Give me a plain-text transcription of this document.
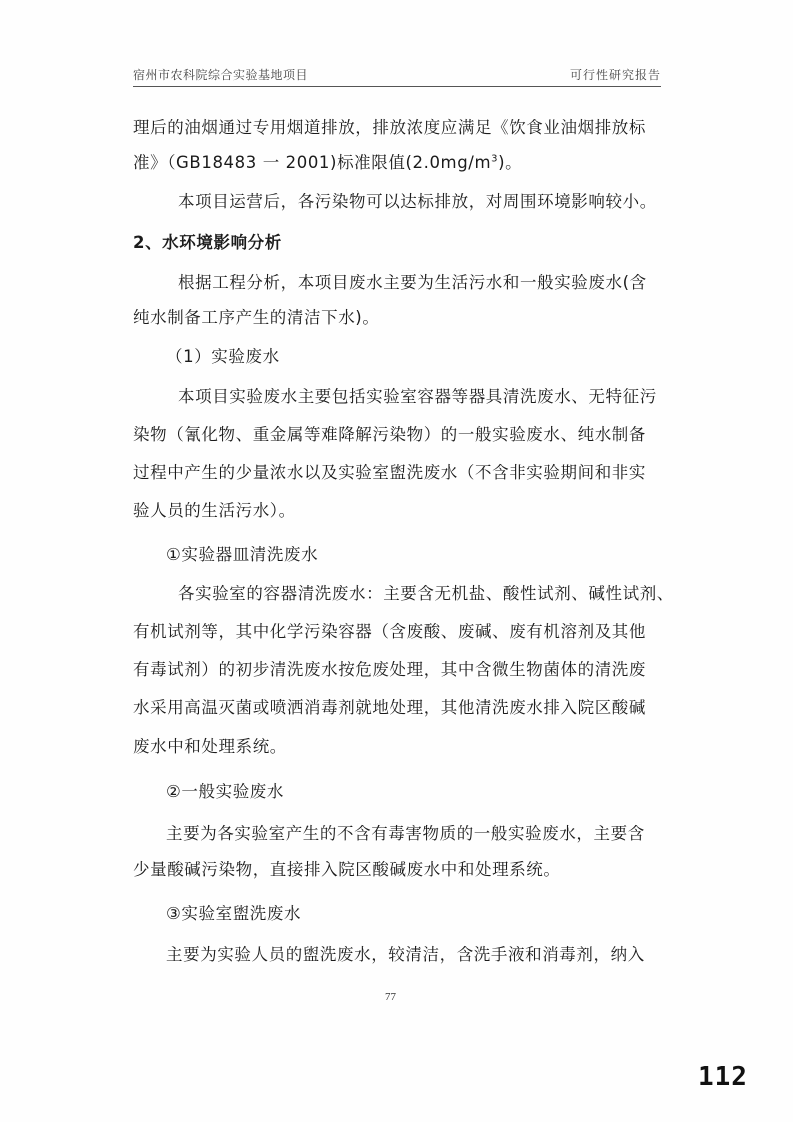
宿州市农科院综合实验基地项目	可行性研究报告
理后的油烟通过专用烟道排放，排放浓度应满足《饮食业油烟排放标
准》（GB18483 一 2001)标准限值$(2.0mg/m^3)$。
本项目运营后，各污染物可以达标排放，对周围环境影响较小。
2、水环境影响分析
根据工程分析，本项目废水主要为生活污水和一般实验废水(含
纯水制备工序产生的清洁下水)。
（1）实验废水
本项目实验废水主要包括实验室容器等器具清洗废水、无特征污
染物（氰化物、重金属等难降解污染物）的一般实验废水、纯水制备
过程中产生的少量浓水以及实验室盥洗废水（不含非实验期间和非实
验人员的生活污水）。
①实验器皿清洗废水
各实验室的容器清洗废水：主要含无机盐、酸性试剂、碱性试剂、
有机试剂等，其中化学污染容器（含废酸、废碱、废有机溶剂及其他
有毒试剂）的初步清洗废水按危废处理，其中含微生物菌体的清洗废
水采用高温灭菌或喷洒消毒剂就地处理，其他清洗废水排入院区酸碱
废水中和处理系统。
②一般实验废水
主要为各实验室产生的不含有毒害物质的一般实验废水，主要含
少量酸碱污染物，直接排入院区酸碱废水中和处理系统。
③实验室盥洗废水
主要为实验人员的盥洗废水，较清洁，含洗手液和消毒剂，纳入
77
112
